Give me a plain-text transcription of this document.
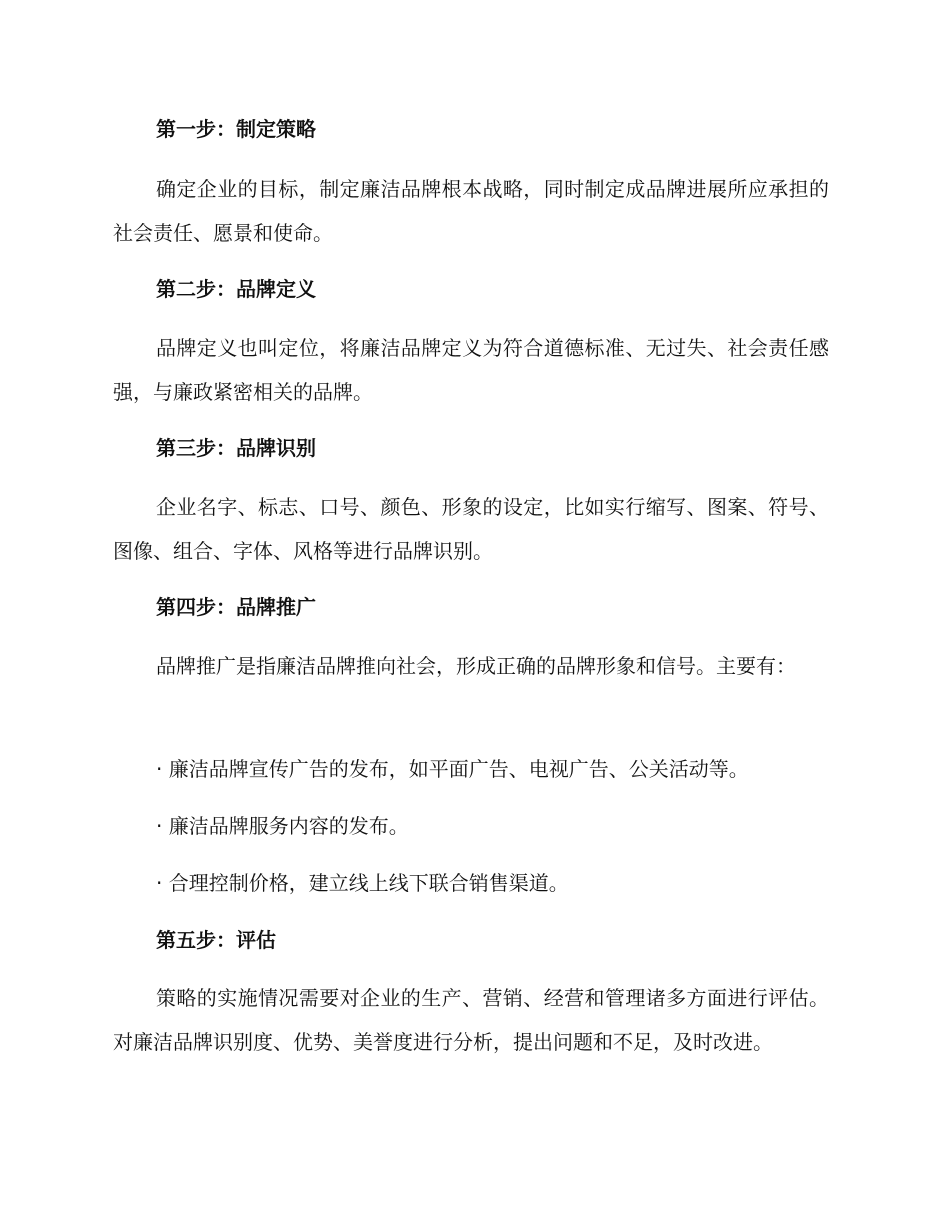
第一步：制定策略
确定企业的目标，制定廉洁品牌根本战略，同时制定成品牌进展所应承担的社会责任、愿景和使命。
第二步：品牌定义
品牌定义也叫定位，将廉洁品牌定义为符合道德标准、无过失、社会责任感强，与廉政紧密相关的品牌。
第三步：品牌识别
企业名字、标志、口号、颜色、形象的设定，比如实行缩写、图案、符号、图像、组合、字体、风格等进行品牌识别。
第四步：品牌推广
品牌推广是指廉洁品牌推向社会，形成正确的品牌形象和信号。主要有：
· 廉洁品牌宣传广告的发布，如平面广告、电视广告、公关活动等。
· 廉洁品牌服务内容的发布。
· 合理控制价格，建立线上线下联合销售渠道。
第五步：评估
策略的实施情况需要对企业的生产、营销、经营和管理诸多方面进行评估。对廉洁品牌识别度、优势、美誉度进行分析，提出问题和不足，及时改进。
